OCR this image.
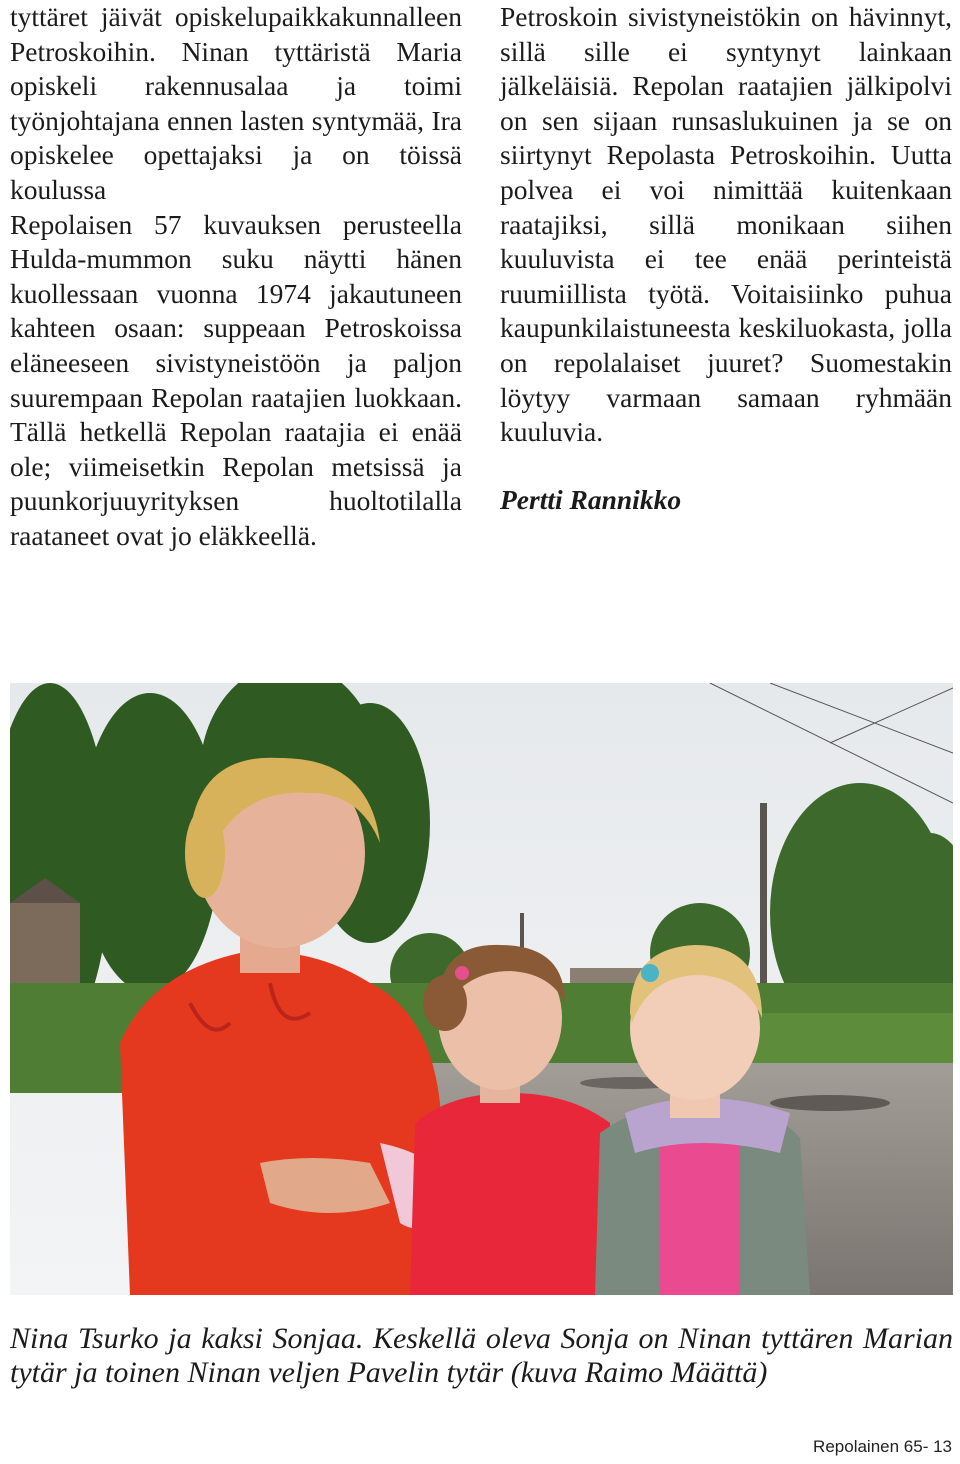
tyttäret jäivät opiskelupaikkakunnalleen Petroskoihin. Ninan tyttäristä Maria opiskeli rakennusalaa ja toimi työnjohtajana ennen lasten syntymää, Ira opiskelee opettajaksi ja on töissä koulussa

Repolaisen 57 kuvauksen perusteella Hulda-mummon suku näytti hänen kuollessaan vuonna 1974 jakautuneen kahteen osaan: suppeaan Petroskoissa eläneeseen sivistyneistöön ja paljon suurempaan Repolan raatajien luokkaan. Tällä hetkellä Repolan raatajia ei enää ole; viimeisetkin Repolan metsissä ja puunkorjuuyrityksen huoltotilalla raataneet ovat jo eläkkeellä.

Petroskoin sivistyneistökin on hävinnyt, sillä sille ei syntynyt lainkaan jälkeläisiä. Repolan raatajien jälkipolvi on sen sijaan runsaslukuinen ja se on siirtynyt Repolasta Petroskoihin. Uutta polvea ei voi nimittää kuitenkaan raatajiksi, sillä monikaan siihen kuuluvista ei tee enää perinteistä ruumiillista työtä. Voitaisiinko puhua kaupunkilaistuneesta keskiluokasta, jolla on repolalaiset juuret? Suomestakin löytyy varmaan samaan ryhmään kuuluvia.

Pertti Rannikko

Nina Tsurko ja kaksi Sonjaa. Keskellä oleva Sonja on Ninan tyttären Marian tytär ja toinen Ninan veljen Pavelin tytär (kuva Raimo Määttä)

Repolainen 65- 13
